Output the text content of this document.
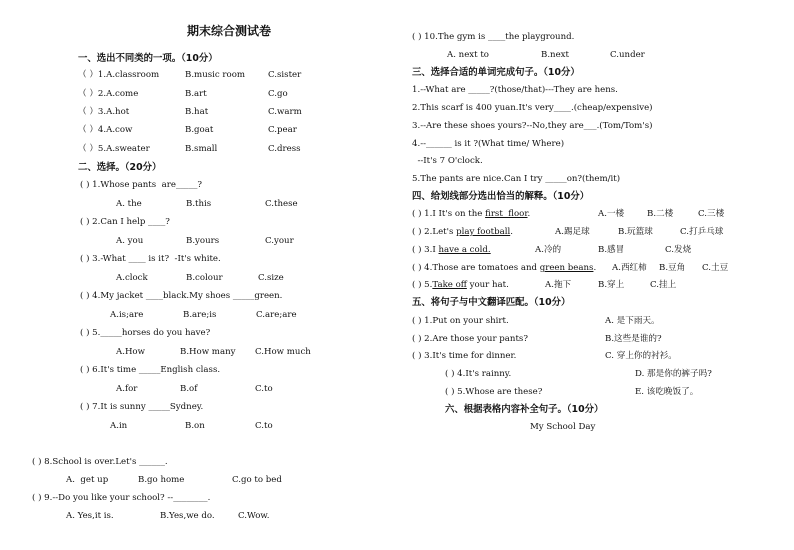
期末综合测试卷
一、选出不同类的一项。（10分）
（ ）1.A.classroom	B.music room	C.sister
（ ）2.A.come	B.art	C.go
（ ）3.A.hot	B.hat	C.warm
（ ）4.A.cow	B.goat	C.pear
（ ）5.A.sweater	B.small	C.dress
二、选择。（20分）
( ) 1.Whose pants  are_____?
A. the	B.this	C.these
( ) 2.Can I help ____?
A. you	B.yours	C.your
( ) 3.-What ____ is it?  -It's white.
A.clock	B.colour	C.size
( ) 4.My jacket ____black.My shoes _____green.
A.is;are	B.are;is	C.are;are
( ) 5._____horses do you have?
A.How	B.How many C.How much
( ) 6.It's time _____English class.
A.for	B.of	C.to
( ) 7.It is sunny _____Sydney.
A.in	B.on	C.to
( ) 8.School is over.Let's ______.
A.  get up	B.go home	C.go to bed
( ) 9.--Do you like your school? --________.
A. Yes,it is.	B.Yes,we do.	C.Wow.
( ) 10.The gym is ____the playground.
A. next to	B.next	C.under
三、选择合适的单词完成句子。（10分）
1.--What are _____?(those/that)---They are hens.
2.This scarf is 400 yuan.It's very____.(cheap/expensive)
3.--Are these shoes yours?--No,they are___.(Tom/Tom's)
4.--______ is it ?(What time/ Where)
--It's 7 O'clock.
5.The pants are nice.Can I try _____on?(them/it)
四、给划线部分选出恰当的解释。（10分）
( ) 1.I It's on the first  floor.	A.一楼	B.二楼	C.三楼
( ) 2.Let's play football.	A.踢足球	B.玩篮球	C.打乒乓球
( ) 3.I have a cold.	A.冷的	B.感冒	C.发烧
( ) 4.Those are tomatoes and green beans. A.西红柿 B.豆角 C.土豆
( ) 5.Take off your hat.	A.拖下	B.穿上	C.挂上
五、将句子与中文翻译匹配。（10分）
( ) 1.Put on your shirt.	A. 是下雨天。
( ) 2.Are those your pants?	B.这些是谁的?
( ) 3.It's time for dinner.	C. 穿上你的衬衫。
( ) 4.It's rainny.	D. 那是你的裤子吗?
( ) 5.Whose are these?	E. 该吃晚饭了。
六、根据表格内容补全句子。（10分）
My School Day
